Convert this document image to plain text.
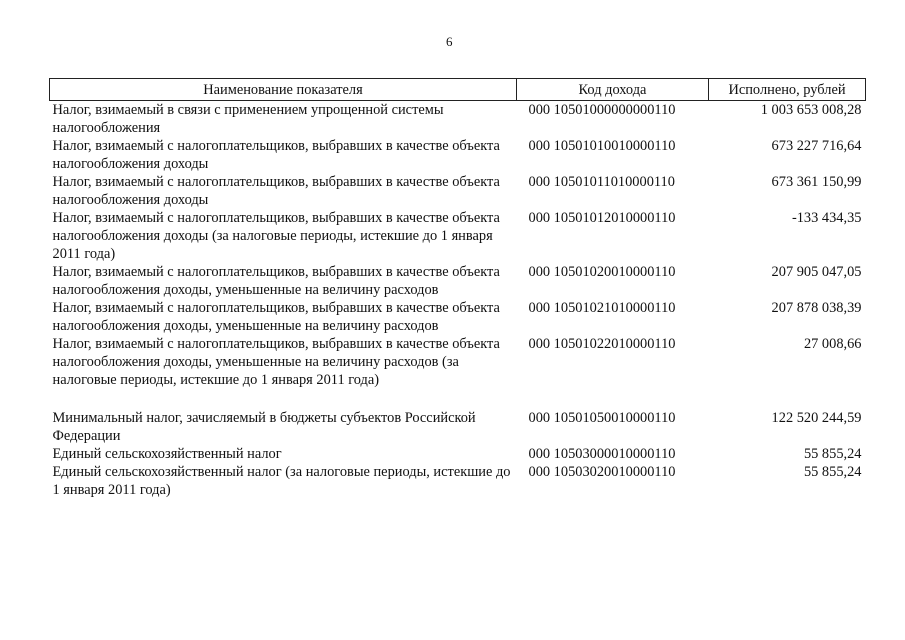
6
Наименование показателя	Код дохода	Исполнено, рублей
Налог, взимаемый в связи с применением упрощенной системы налогообложения	000 10501000000000110	1 003 653 008,28
Налог, взимаемый с налогоплательщиков, выбравших в качестве объекта налогообложения доходы	000 10501010010000110	673 227 716,64
Налог, взимаемый с налогоплательщиков, выбравших в качестве объекта налогообложения доходы	000 10501011010000110	673 361 150,99
Налог, взимаемый с налогоплательщиков, выбравших в качестве объекта налогообложения доходы (за налоговые периоды, истекшие до 1 января 2011 года)	000 10501012010000110	-133 434,35
Налог, взимаемый с налогоплательщиков, выбравших в качестве объекта налогообложения доходы, уменьшенные на величину расходов	000 10501020010000110	207 905 047,05
Налог, взимаемый с налогоплательщиков, выбравших в качестве объекта налогообложения доходы, уменьшенные на величину расходов	000 10501021010000110	207 878 038,39
Налог, взимаемый с налогоплательщиков, выбравших в качестве объекта налогообложения доходы, уменьшенные на величину расходов (за налоговые периоды, истекшие до 1 января 2011 года)	000 10501022010000110	27 008,66

Минимальный налог, зачисляемый в бюджеты субъектов Российской Федерации	000 10501050010000110	122 520 244,59
Единый сельскохозяйственный налог	000 10503000010000110	55 855,24
Единый сельскохозяйственный налог (за налоговые периоды, истекшие до 1 января 2011 года)	000 10503020010000110	55 855,24
